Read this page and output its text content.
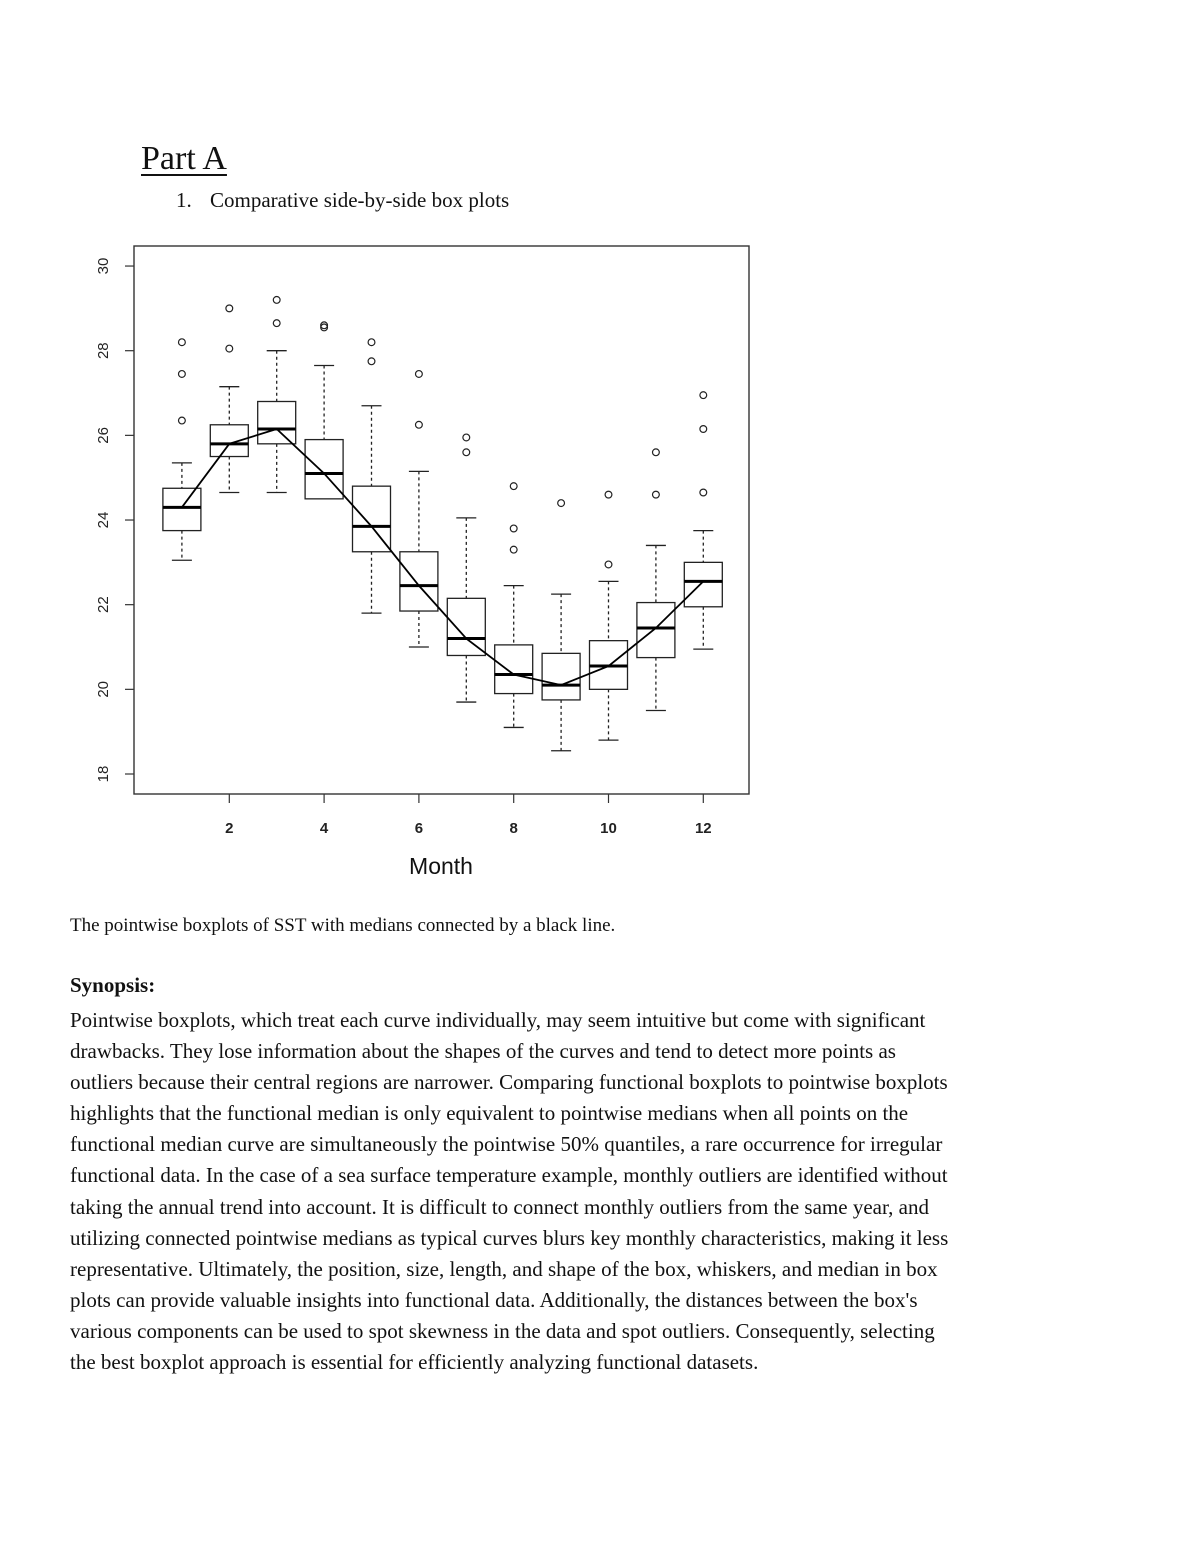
Part A

1. Comparative side-by-side box plots

2	4	6	8	10	12
Month
18
20
22
24
26
28
30

The pointwise boxplots of SST with medians connected by a black line.

Synopsis:

Pointwise boxplots, which treat each curve individually, may seem intuitive but come with significant
drawbacks. They lose information about the shapes of the curves and tend to detect more points as
outliers because their central regions are narrower. Comparing functional boxplots to pointwise boxplots
highlights that the functional median is only equivalent to pointwise medians when all points on the
functional median curve are simultaneously the pointwise 50% quantiles, a rare occurrence for irregular
functional data. In the case of a sea surface temperature example, monthly outliers are identified without
taking the annual trend into account. It is difficult to connect monthly outliers from the same year, and
utilizing connected pointwise medians as typical curves blurs key monthly characteristics, making it less
representative. Ultimately, the position, size, length, and shape of the box, whiskers, and median in box
plots can provide valuable insights into functional data. Additionally, the distances between the box's
various components can be used to spot skewness in the data and spot outliers. Consequently, selecting
the best boxplot approach is essential for efficiently analyzing functional datasets.
